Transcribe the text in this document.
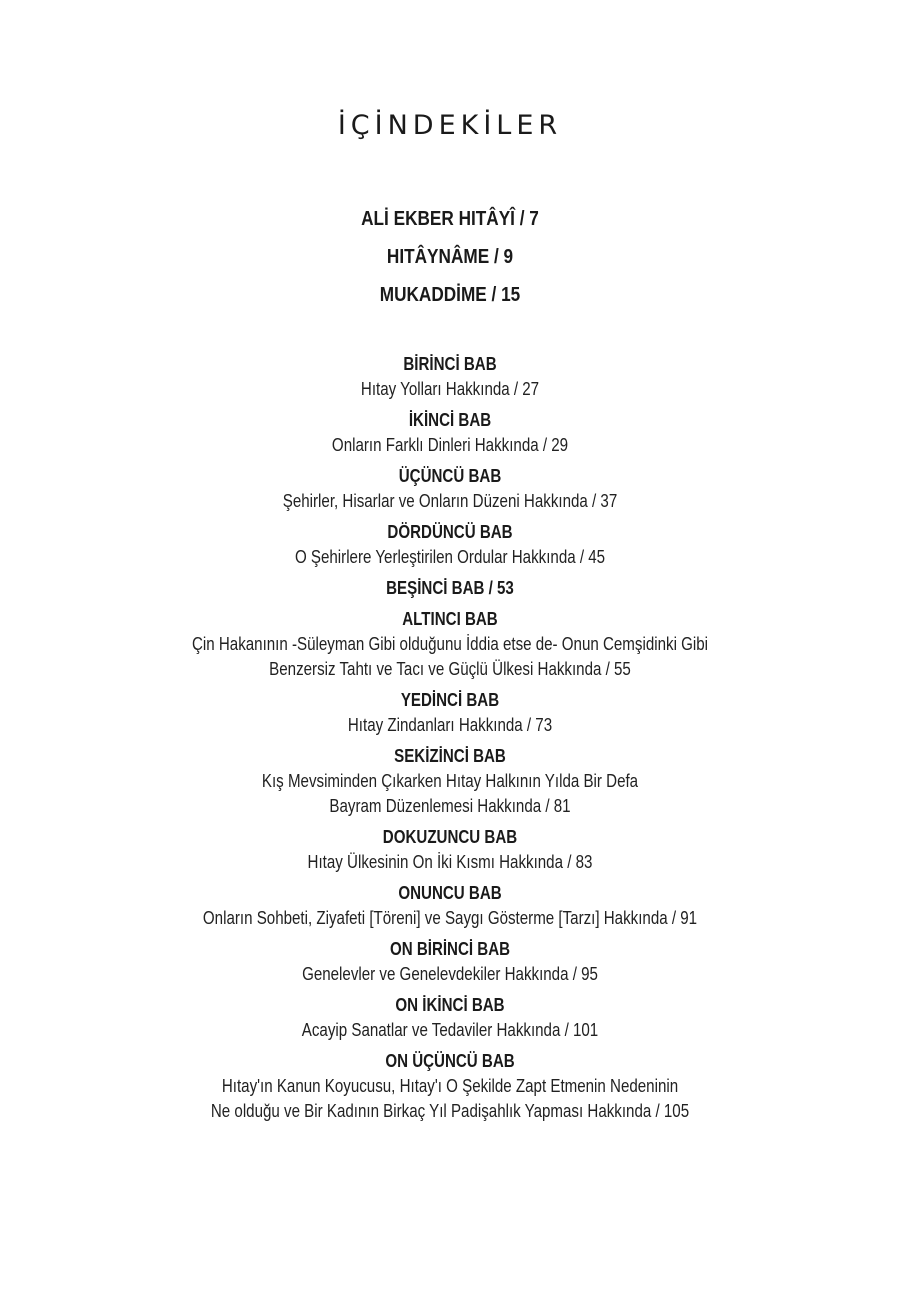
İÇİNDEKİLER
ALİ EKBER HITÂYÎ / 7
HITÂYNÂME / 9
MUKADDİME / 15
BİRİNCİ BAB
Hıtay Yolları Hakkında / 27
İKİNCİ BAB
Onların Farklı Dinleri Hakkında / 29
ÜÇÜNCÜ BAB
Şehirler, Hisarlar ve Onların Düzeni Hakkında / 37
DÖRDÜNCÜ BAB
O Şehirlere Yerleştirilen Ordular Hakkında / 45
BEŞİNCİ BAB / 53
ALTINCI BAB
Çin Hakanının -Süleyman Gibi olduğunu İddia etse de- Onun Cemşidinki Gibi
Benzersiz Tahtı ve Tacı ve Güçlü Ülkesi Hakkında / 55
YEDİNCİ BAB
Hıtay Zindanları Hakkında / 73
SEKİZİNCİ BAB
Kış Mevsiminden Çıkarken Hıtay Halkının Yılda Bir Defa
Bayram Düzenlemesi Hakkında / 81
DOKUZUNCU BAB
Hıtay Ülkesinin On İki Kısmı Hakkında / 83
ONUNCU BAB
Onların Sohbeti, Ziyafeti [Töreni] ve Saygı Gösterme [Tarzı] Hakkında / 91
ON BİRİNCİ BAB
Genelevler ve Genelevdekiler Hakkında / 95
ON İKİNCİ BAB
Acayip Sanatlar ve Tedaviler Hakkında / 101
ON ÜÇÜNCÜ BAB
Hıtay'ın Kanun Koyucusu, Hıtay'ı O Şekilde Zapt Etmenin Nedeninin
Ne olduğu ve Bir Kadının Birkaç Yıl Padişahlık Yapması Hakkında / 105
